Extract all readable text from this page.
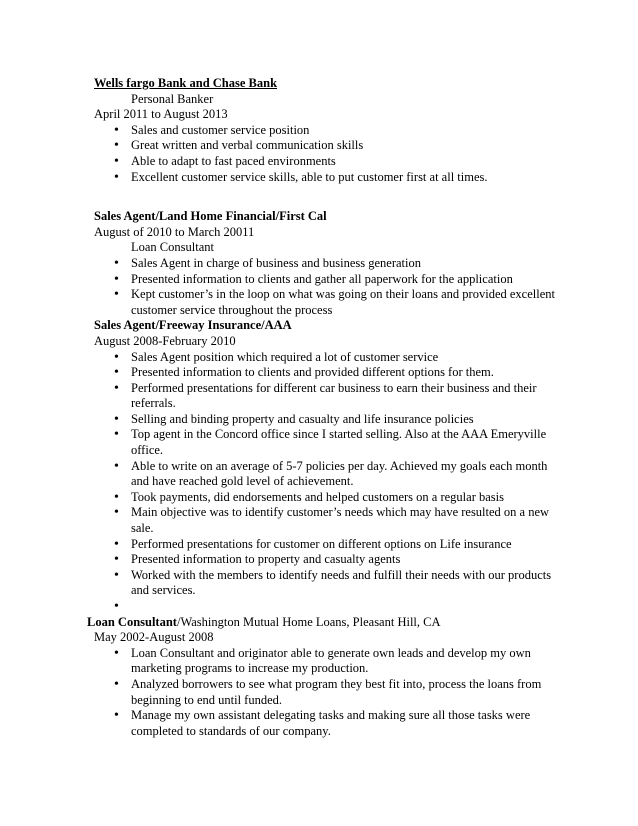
Wells fargo Bank and Chase Bank
Personal Banker
April 2011 to August 2013
• Sales and customer service position
• Great written and verbal communication skills
• Able to adapt to fast paced environments
• Excellent customer service skills, able to put customer first at all times.
Sales Agent/Land Home Financial/First Cal
August of 2010 to March 20011
Loan Consultant
• Sales Agent in charge of business and business generation
• Presented information to clients and gather all paperwork for the application
• Kept customer’s in the loop on what was going on their loans and provided excellent customer service throughout the process
Sales Agent/Freeway Insurance/AAA
August 2008-February 2010
• Sales Agent position which required a lot of customer service
• Presented information to clients and provided different options for them.
• Performed presentations for different car business to earn their business and their referrals.
• Selling and binding property and casualty and life insurance policies
• Top agent in the Concord office since I started selling. Also at the AAA Emeryville office.
• Able to write on an average of 5-7 policies per day. Achieved my goals each month and have reached gold level of achievement.
• Took payments, did endorsements and helped customers on a regular basis
• Main objective was to identify customer’s needs which may have resulted on a new sale.
• Performed presentations for customer on different options on Life insurance
• Presented information to property and casualty agents
• Worked with the members to identify needs and fulfill their needs with our products and services.
•
Loan Consultant/Washington Mutual Home Loans, Pleasant Hill, CA
May 2002-August 2008
• Loan Consultant and originator able to generate own leads and develop my own marketing programs to increase my production.
• Analyzed borrowers to see what program they best fit into, process the loans from beginning to end until funded.
• Manage my own assistant delegating tasks and making sure all those tasks were completed to standards of our company.
